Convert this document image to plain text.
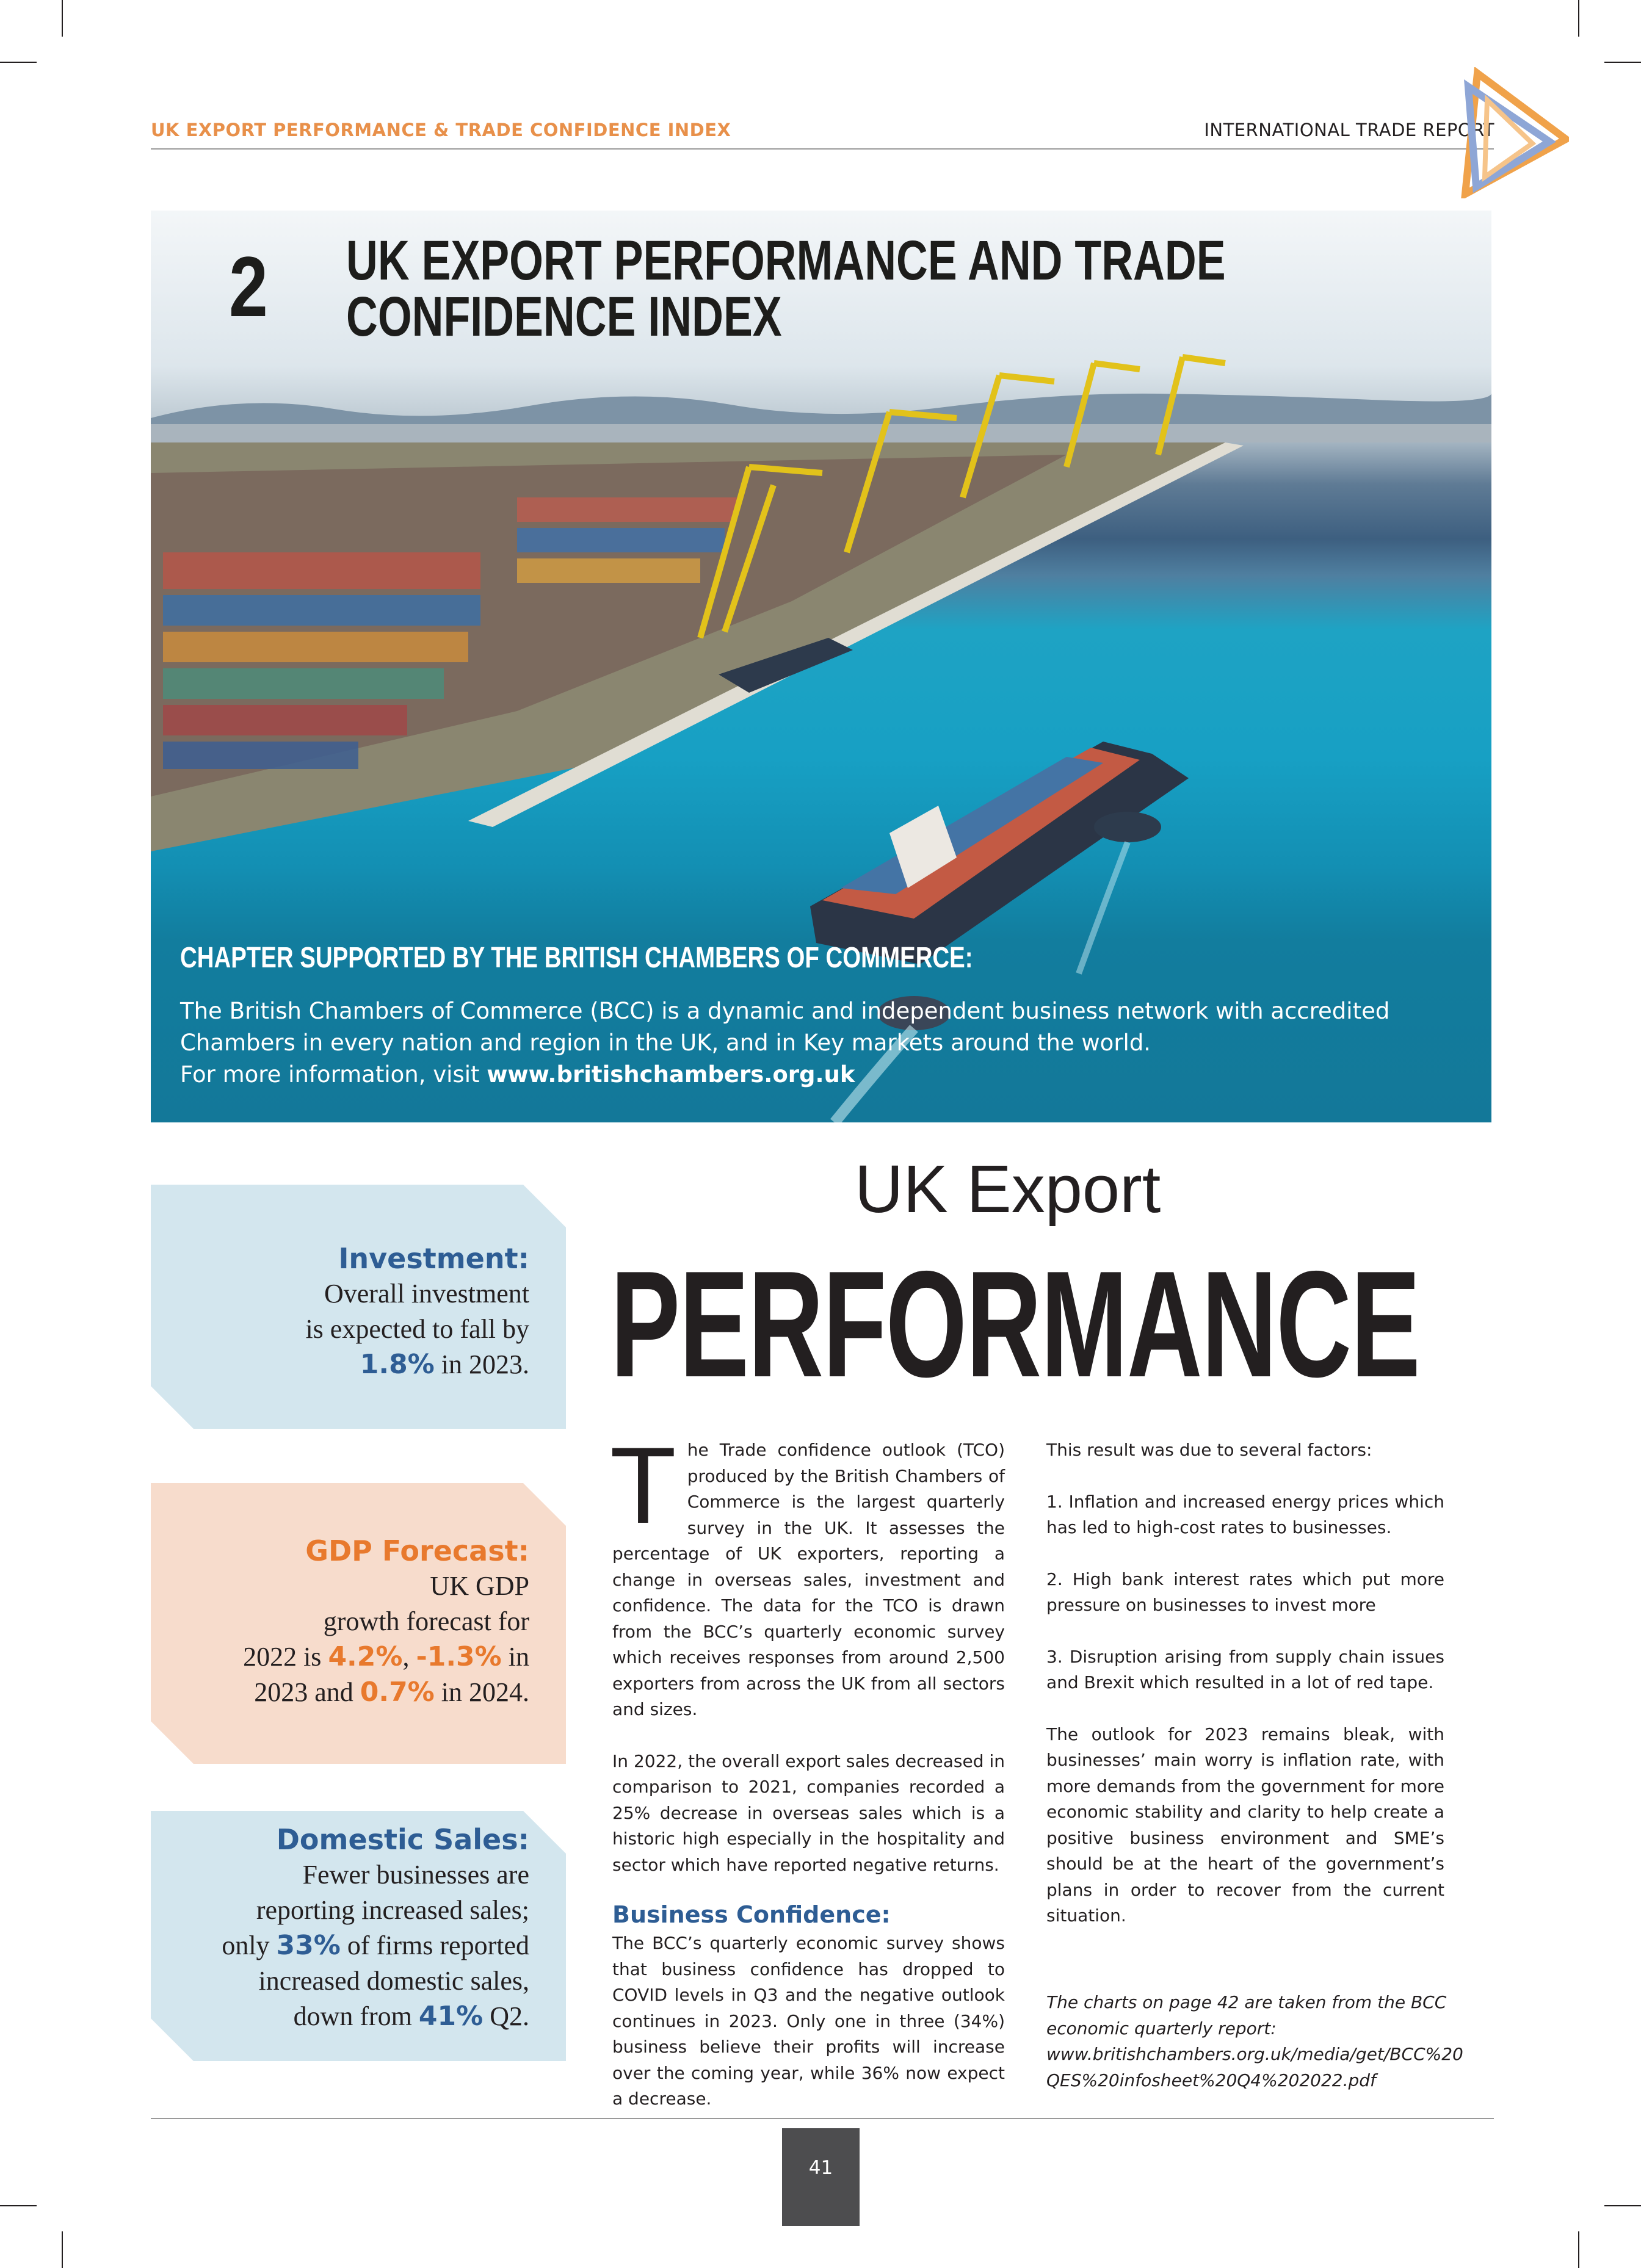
UK EXPORT PERFORMANCE & TRADE CONFIDENCE INDEX	INTERNATIONAL TRADE REPORT
2 UK EXPORT PERFORMANCE AND TRADE
CONFIDENCE INDEX
CHAPTER SUPPORTED BY THE BRITISH CHAMBERS OF COMMERCE:
The British Chambers of Commerce (BCC) is a dynamic and independent business network with accredited
Chambers in every nation and region in the UK, and in Key markets around the world.
For more information, visit www.britishchambers.org.uk
Investment:
Overall investment
is expected to fall by
1.8% in 2023.
GDP Forecast:
UK GDP
growth forecast for
2022 is 4.2%, -1.3% in
2023 and 0.7% in 2024.
Domestic Sales:
Fewer businesses are
reporting increased sales;
only 33% of firms reported
increased domestic sales,
down from 41% Q2.
UK Export
PERFORMANCE

The Trade confidence outlook (TCO) produced by the British Chambers of Commerce is the largest quarterly survey in the UK. It assesses the percentage of UK exporters, reporting a change in overseas sales, investment and confidence. The data for the TCO is drawn from the BCC’s quarterly economic survey which receives responses from around 2,500 exporters from across the UK from all sectors and sizes.

In 2022, the overall export sales decreased in comparison to 2021, companies recorded a 25% decrease in overseas sales which is a historic high especially in the hospitality and sector which have reported negative returns.

Business Confidence:

The BCC’s quarterly economic survey shows that business confidence has dropped to COVID levels in Q3 and the negative outlook continues in 2023. Only one in three (34%) business believe their profits will increase over the coming year, while 36% now expect a decrease.

This result was due to several factors:

1. Inflation and increased energy prices which has led to high-cost rates to businesses.

2. High bank interest rates which put more pressure on businesses to invest more

3. Disruption arising from supply chain issues and Brexit which resulted in a lot of red tape.

The outlook for 2023 remains bleak, with businesses’ main worry is inflation rate, with more demands from the government for more economic stability and clarity to help create a positive business environment and SME’s should be at the heart of the government’s plans in order to recover from the current situation.

The charts on page 42 are taken from the BCC
economic quarterly report:
www.britishchambers.org.uk/media/get/BCC%20
QES%20infosheet%20Q4%202022.pdf
41
